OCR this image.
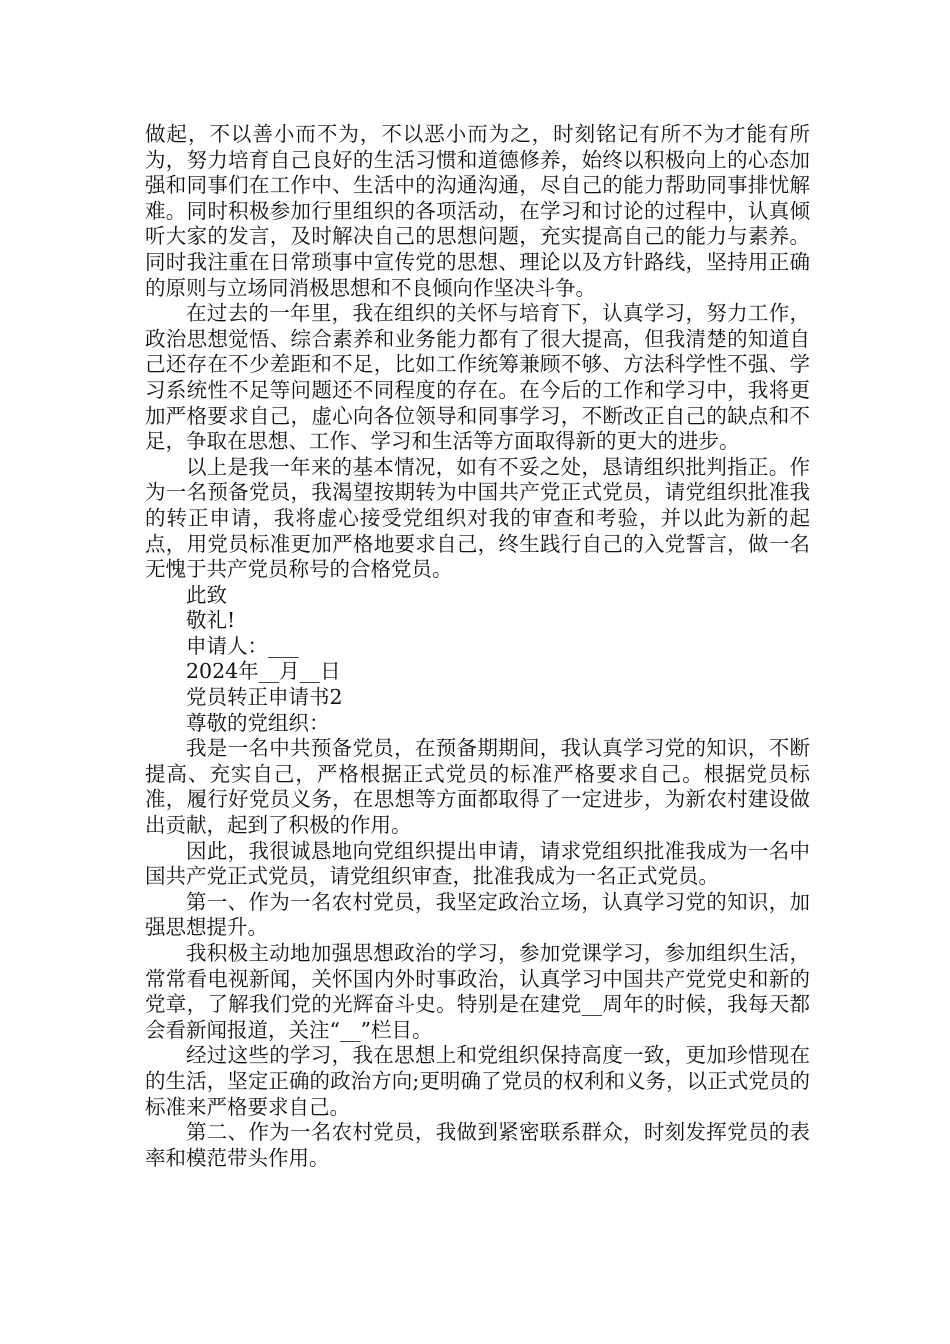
做起，不以善小而不为，不以恶小而为之，时刻铭记有所不为才能有所为，努力培育自己良好的生活习惯和道德修养，始终以积极向上的心态加强和同事们在工作中、生活中的沟通沟通，尽自己的能力帮助同事排忧解难。同时积极参加行里组织的各项活动，在学习和讨论的过程中，认真倾听大家的发言，及时解决自己的思想问题，充实提高自己的能力与素养。同时我注重在日常琐事中宣传党的思想、理论以及方针路线，坚持用正确的原则与立场同消极思想和不良倾向作坚决斗争。

在过去的一年里，我在组织的关怀与培育下，认真学习，努力工作，政治思想觉悟、综合素养和业务能力都有了很大提高，但我清楚的知道自己还存在不少差距和不足，比如工作统筹兼顾不够、方法科学性不强、学习系统性不足等问题还不同程度的存在。在今后的工作和学习中，我将更加严格要求自己，虚心向各位领导和同事学习，不断改正自己的缺点和不足，争取在思想、工作、学习和生活等方面取得新的更大的进步。

以上是我一年来的基本情况，如有不妥之处，恳请组织批判指正。作为一名预备党员，我渴望按期转为中国共产党正式党员，请党组织批准我的转正申请，我将虚心接受党组织对我的审查和考验，并以此为新的起点，用党员标准更加严格地要求自己，终生践行自己的入党誓言，做一名无愧于共产党员称号的合格党员。

此致

敬礼!

申请人：___

2024年__月__日

党员转正申请书2

尊敬的党组织：

我是一名中共预备党员，在预备期期间，我认真学习党的知识，不断提高、充实自己，严格根据正式党员的标准严格要求自己。根据党员标准，履行好党员义务，在思想等方面都取得了一定进步，为新农村建设做出贡献，起到了积极的作用。

因此，我很诚恳地向党组织提出申请，请求党组织批准我成为一名中国共产党正式党员，请党组织审查，批准我成为一名正式党员。

第一、作为一名农村党员，我坚定政治立场，认真学习党的知识，加强思想提升。

我积极主动地加强思想政治的学习，参加党课学习，参加组织生活，常常看电视新闻，关怀国内外时事政治，认真学习中国共产党党史和新的党章，了解我们党的光辉奋斗史。特别是在建党__周年的时候，我每天都会看新闻报道，关注“__”栏目。

经过这些的学习，我在思想上和党组织保持高度一致，更加珍惜现在的生活，坚定正确的政治方向;更明确了党员的权利和义务，以正式党员的标准来严格要求自己。

第二、作为一名农村党员，我做到紧密联系群众，时刻发挥党员的表率和模范带头作用。
